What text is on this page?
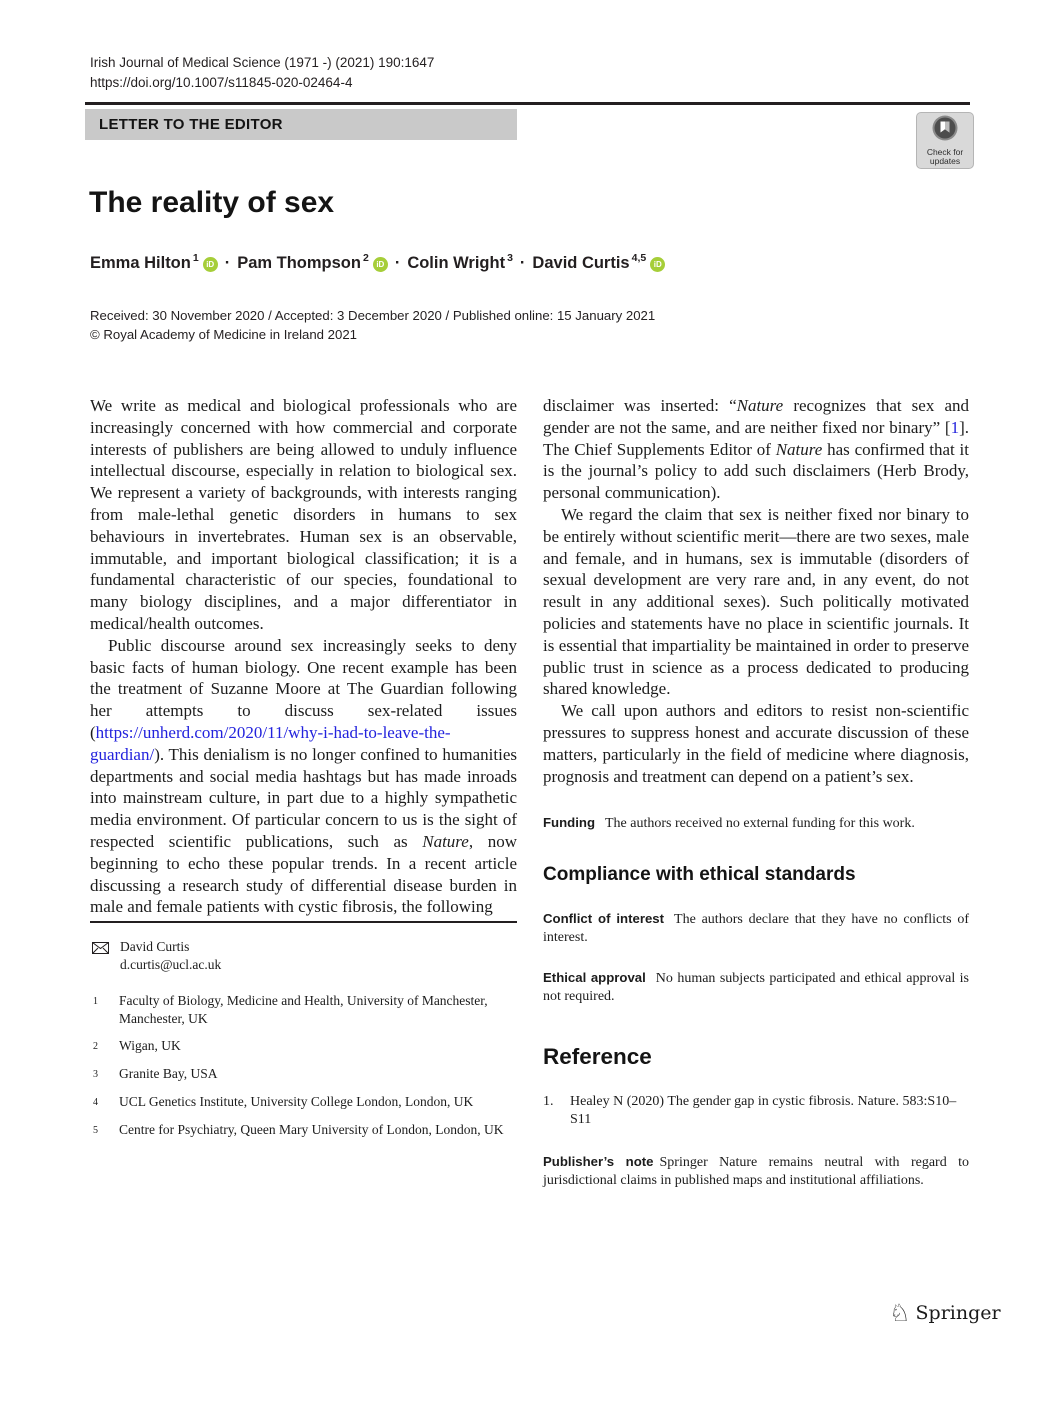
Irish Journal of Medical Science (1971 -) (2021) 190:1647
https://doi.org/10.1007/s11845-020-02464-4
LETTER TO THE EDITOR
Check for
updates
The reality of sex
Emma Hilton $^1$ iD · Pam Thompson $^2$ iD · Colin Wright $^3$ · David Curtis $^{4,5}$ iD
Received: 30 November 2020 / Accepted: 3 December 2020 / Published online: 15 January 2021
© Royal Academy of Medicine in Ireland 2021

We write as medical and biological professionals who are increasingly concerned with how commercial and corporate interests of publishers are being allowed to unduly influence intellectual discourse, especially in relation to biological sex. We represent a variety of backgrounds, with interests ranging from male-lethal genetic disorders in humans to sex behaviours in invertebrates. Human sex is an observable, immutable, and important biological classification; it is a fundamental characteristic of our species, foundational to many biology disciplines, and a major differentiator in medical/health outcomes.

Public discourse around sex increasingly seeks to deny basic facts of human biology. One recent example has been the treatment of Suzanne Moore at The Guardian following her attempts to discuss sex-related issues (https://unherd.com/2020/11/why-i-had-to-leave-the-guardian/). This denialism is no longer confined to humanities departments and social media hashtags but has made inroads into mainstream culture, in part due to a highly sympathetic media environment. Of particular concern to us is the sight of respected scientific publications, such as Nature, now beginning to echo these popular trends. In a recent article discussing a research study of differential disease burden in male and female patients with cystic fibrosis, the following

disclaimer was inserted: “Nature recognizes that sex and gender are not the same, and are neither fixed nor binary” [1]. The Chief Supplements Editor of Nature has confirmed that it is the journal’s policy to add such disclaimers (Herb Brody, personal communication).

We regard the claim that sex is neither fixed nor binary to be entirely without scientific merit—there are two sexes, male and female, and in humans, sex is immutable (disorders of sexual development are very rare and, in any event, do not result in any additional sexes). Such politically motivated policies and statements have no place in scientific journals. It is essential that impartiality be maintained in order to preserve public trust in science as a process dedicated to producing shared knowledge.

We call upon authors and editors to resist non-scientific pressures to suppress honest and accurate discussion of these matters, particularly in the field of medicine where diagnosis, prognosis and treatment can depend on a patient’s sex.

Funding The authors received no external funding for this work.

Compliance with ethical standards

Conflict of interest The authors declare that they have no conflicts of interest.

Ethical approval No human subjects participated and ethical approval is not required.

Reference
1.	Healey N (2020) The gender gap in cystic fibrosis. Nature. 583:S10–S11

Publisher’s note Springer Nature remains neutral with regard to jurisdictional claims in published maps and institutional affiliations.

David Curtis
d.curtis@ucl.ac.uk
1	Faculty of Biology, Medicine and Health, University of Manchester, Manchester, UK
2	Wigan, UK
3	Granite Bay, USA
4	UCL Genetics Institute, University College London, London, UK
5	Centre for Psychiatry, Queen Mary University of London, London, UK
♘ Springer
